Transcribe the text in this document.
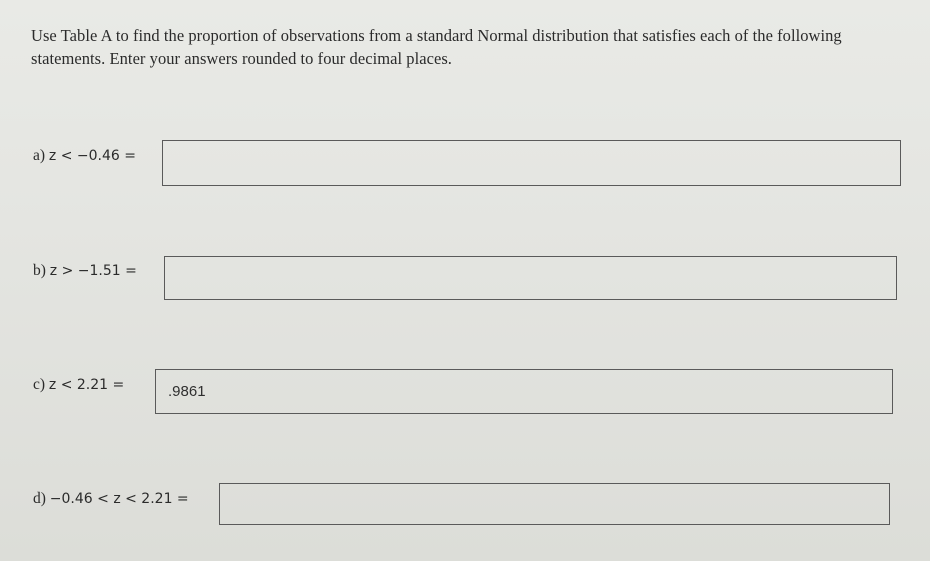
Use Table A to find the proportion of observations from a standard Normal distribution that satisfies each of the following statements. Enter your answers rounded to four decimal places.
a) z < −0.46 =
b) z > −1.51 =
c) z < 2.21 =
.9861
d) −0.46 < z < 2.21 =
